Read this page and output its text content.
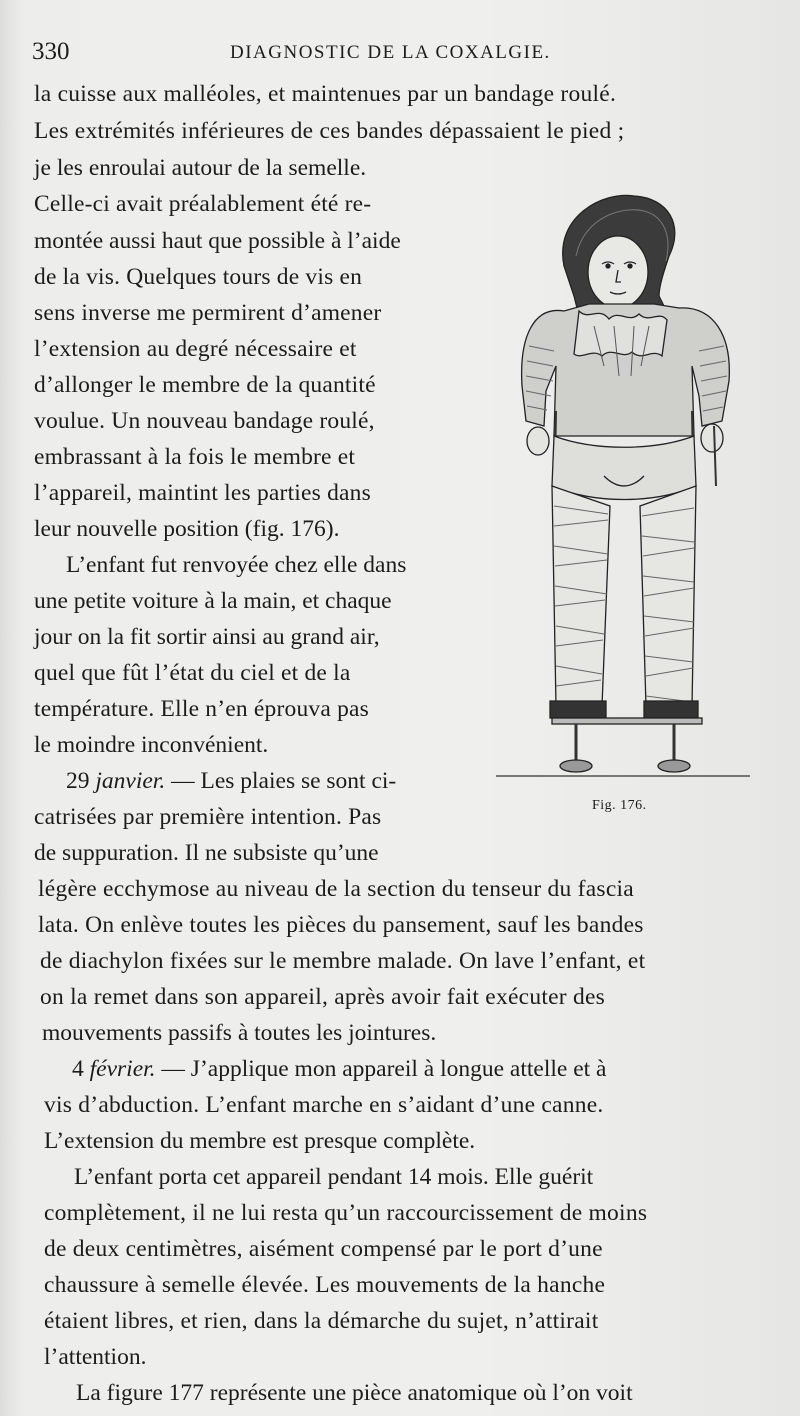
330	DIAGNOSTIC DE LA COXALGIE.
la cuisse aux malléoles, et maintenues par un bandage roulé.
Les extrémités inférieures de ces bandes dépassaient le pied ;
je les enroulai autour de la semelle.
Celle-ci avait préalablement été re-
montée aussi haut que possible à l’aide
de la vis. Quelques tours de vis en
sens inverse me permirent d’amener
l’extension au degré nécessaire et
d’allonger le membre de la quantité
voulue. Un nouveau bandage roulé,
embrassant à la fois le membre et
l’appareil, maintint les parties dans
leur nouvelle position (fig. 176).
L’enfant fut renvoyée chez elle dans
une petite voiture à la main, et chaque
jour on la fit sortir ainsi au grand air,
quel que fût l’état du ciel et de la
température. Elle n’en éprouva pas
le moindre inconvénient.
29 janvier. — Les plaies se sont ci-
catrisées par première intention. Pas
de suppuration. Il ne subsiste qu’une
légère ecchymose au niveau de la section du tenseur du fascia
lata. On enlève toutes les pièces du pansement, sauf les bandes
de diachylon fixées sur le membre malade. On lave l’enfant, et
on la remet dans son appareil, après avoir fait exécuter des
mouvements passifs à toutes les jointures.
4 février. — J’applique mon appareil à longue attelle et à
vis d’abduction. L’enfant marche en s’aidant d’une canne.
L’extension du membre est presque complète.
L’enfant porta cet appareil pendant 14 mois. Elle guérit
complètement, il ne lui resta qu’un raccourcissement de moins
de deux centimètres, aisément compensé par le port d’une
chaussure à semelle élevée. Les mouvements de la hanche
étaient libres, et rien, dans la démarche du sujet, n’attirait
l’attention.
La figure 177 représente une pièce anatomique où l’on voit
Fig. 176.
